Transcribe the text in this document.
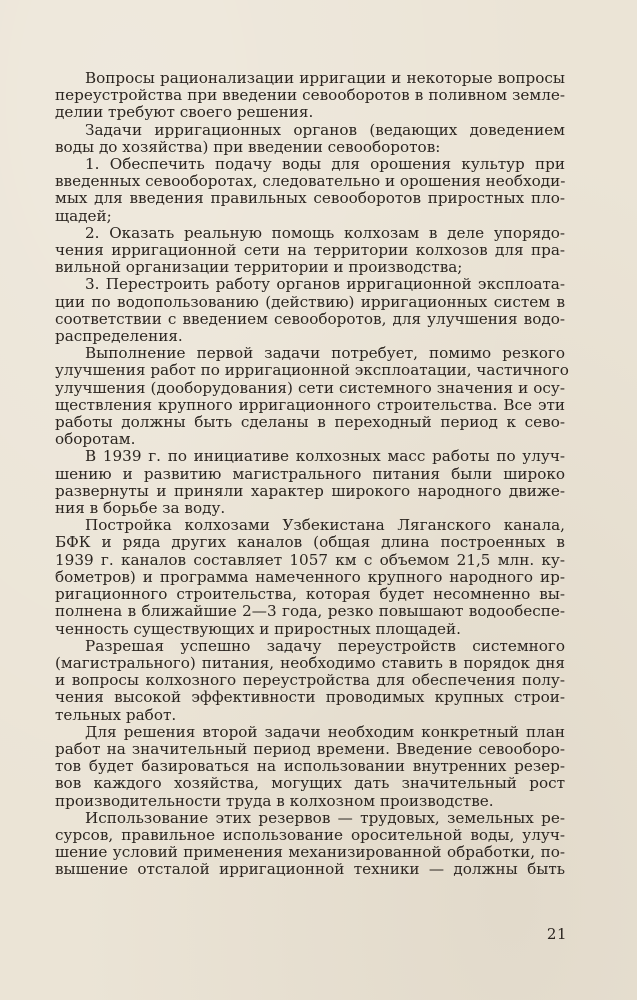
Вопросы рационализации ирригации и некоторые вопросы
переустройства при введении севооборотов в поливном земле-
делии требуют своего решения.
Задачи ирригационных органов (ведающих доведением
воды до хозяйства) при введении севооборотов:
1. Обеспечить подачу воды для орошения культур при
введенных севооборотах, следовательно и орошения необходи-
мых для введения правильных севооборотов приростных пло-
щадей;
2. Оказать реальную помощь колхозам в деле упорядо-
чения ирригационной сети на территории колхозов для пра-
вильной организации территории и производства;
3. Перестроить работу органов ирригационной эксплоата-
ции по водопользованию (действию) ирригационных систем в
соответствии с введением севооборотов, для улучшения водо-
распределения.
Выполнение первой задачи потребует, помимо резкого
улучшения работ по ирригационной эксплоатации, частичного
улучшения (дооборудования) сети системного значения и осу-
ществления крупного ирригационного строительства. Все эти
работы должны быть сделаны в переходный период к сево-
оборотам.
В 1939 г. по инициативе колхозных масс работы по улуч-
шению и развитию магистрального питания были широко
развернуты и приняли характер широкого народного движе-
ния в борьбе за воду.
Постройка колхозами Узбекистана Ляганского канала,
БФК и ряда других каналов (общая длина построенных в
1939 г. каналов составляет 1057 км с объемом 21,5 млн. ку-
бометров) и программа намеченного крупного народного ир-
ригационного строительства, которая будет несомненно вы-
полнена в ближайшие 2—3 года, резко повышают водообеспе-
ченность существующих и приростных площадей.
Разрешая успешно задачу переустройств системного
(магистрального) питания, необходимо ставить в порядок дня
и вопросы колхозного переустройства для обеспечения полу-
чения высокой эффективности проводимых крупных строи-
тельных работ.
Для решения второй задачи необходим конкретный план
работ на значительный период времени. Введение севооборо-
тов будет базироваться на использовании внутренних резер-
вов каждого хозяйства, могущих дать значительный рост
производительности труда в колхозном производстве.
Использование этих резервов — трудовых, земельных ре-
сурсов, правильное использование оросительной воды, улуч-
шение условий применения механизированной обработки, по-
вышение отсталой ирригационной техники — должны быть
21
